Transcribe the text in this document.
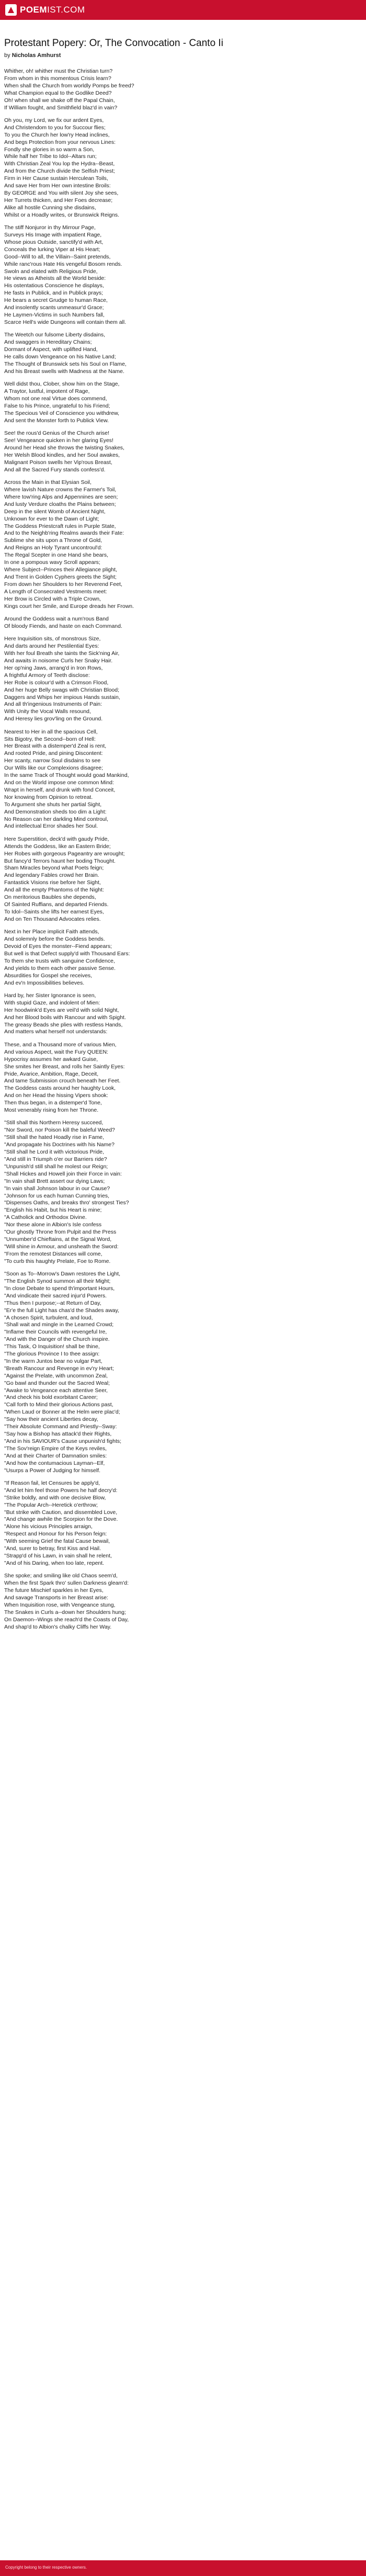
POEM IST.COM
Protestant Popery: Or, The Convocation - Canto Ii
by Nicholas Amhurst
Whither, oh! whither must the Christian turn?
From whom in this momentous Crisis learn?
When shall the Church from worldly Pomps be freed?
What Champion equal to the Godlike Deed?
Oh! when shall we shake off the Papal Chain,
If William fought, and Smithfield blaz'd in vain?
Oh you, my Lord, we fix our ardent Eyes,
And Christendom to you for Succour flies;
To you the Church her low'ry Head inclines,
And begs Protection from your nervous Lines:
Fondly she glories in so warm a Son,
While half her Tribe to Idol--Altars run;
With Christian Zeal You lop the Hydra--Beast,
And from the Church divide the Selfish Priest;
Firm in Her Cause sustain Herculean Toils,
And save Her from Her own intestine Broils:
By GEORGE and You with silent Joy she sees,
Her Turrets thicken, and Her Foes decrease;
Alike all hostile Cunning she disdains,
Whilst or a Hoadly writes, or Brunswick Reigns.
The stiff Nonjuror in thy Mirrour Page,
Surveys His Image with impatient Rage,
Whose pious Outside, sanctify'd with Art,
Conceals the lurking Viper at His Heart;
Good--Will to all, the Villain--Saint pretends,
While ranc'rous Hate His vengeful Bosom rends.
Swoln and elated with Religious Pride,
He views as Atheists all the World beside:
His ostentatious Conscience he displays,
He fasts in Publick, and in Publick prays;
He bears a secret Grudge to human Race,
And insolently scants unmeasur'd Grace;
He Laymen-Victims in such Numbers fall,
Scarce Hell's wide Dungeons will contain them all.
The Weetch our fulsome Liberty disdains,
And swaggers in Hereditary Chains;
Dormant of Aspect, with uplifted Hand,
He calls down Vengeance on his Native Land;
The Thought of Brunswick sets his Soul on Flame,
And his Breast swells with Madness at the Name.
Well didst thou, Clober, show him on the Stage,
A Traytor, lustful, impotent of Rage,
Whom not one real Virtue does commend,
False to his Prince, ungrateful to his Friend;
The Specious Veil of Conscience you withdrew,
And sent the Monster forth to Publick View.
See! the rous'd Genius of the Church arise!
See! Vengeance quicken in her glaring Eyes!
Around her Head she throws the twisting Snakes,
Her Welsh Blood kindles, and her Soul awakes,
Malignant Poison swells her Vip'rous Breast,
And all the Sacred Fury stands confess'd.
Across the Main in that Elysian Soil,
Where lavish Nature crowns the Farmer's Toil,
Where tow'ring Alps and Appennines are seen;
And lusty Verdure cloaths the Plains between;
Deep in the silent Womb of Ancient Night,
Unknown for ever to the Dawn of Light;
The Goddess Priestcraft rules in Purple State,
And to the Neighb'ring Realms awards their Fate:
Sublime she sits upon a Throne of Gold,
And Reigns an Holy Tyrant uncontroul'd:
The Regal Scepter in one Hand she bears,
In one a pompous wavy Scroll appears;
Where Subject--Princes their Allegiance plight,
And Trent in Golden Cyphers greets the Sight;
From down her Shoulders to her Reverend Feet,
A Length of Consecrated Vestments meet:
Her Brow is Circled with a Triple Crown,
Kings court her Smile, and Europe dreads her Frown.
Around the Goddess wait a num'rous Band
Of bloody Fiends, and haste on each Command.
Here Inquisition sits, of monstrous Size,
And darts around her Pestilential Eyes:
With her foul Breath she taints the Sick'ning Air,
And awaits in noisome Curls her Snaky Hair.
Her op'ning Jaws, arrang'd in Iron Rows,
A frightful Armory of Teeth disclose:
Her Robe is colour'd with a Crimson Flood,
And her huge Belly swags with Christian Blood;
Daggers and Whips her impious Hands sustain,
And all th'ingenious Instruments of Pain:
With Unity the Vocal Walls resound,
And Heresy lies grov'ling on the Ground.
Nearest to Her in all the spacious Cell,
Sits Bigotry, the Second--born of Hell:
Her Breast with a distemper'd Zeal is rent,
And rooted Pride, and pining Discontent:
Her scanty, narrow Soul disdains to see
Our Wills like our Complexions disagree;
In the same Track of Thought would goad Mankind,
And on the World impose one common Mind:
Wrapt in herself, and drunk with fond Conceit,
Nor knowing from Opinion to retreat.
To Argument she shuts her partial Sight,
And Demonstration sheds too dim a Light:
No Reason can her darkling Mind controul,
And intellectual Error shades her Soul.
Here Superstition, deck'd with gaudy Pride,
Attends the Goddess, like an Eastern Bride;
Her Robes with gorgeous Pageantry are wrought;
But fancy'd Terrors haunt her boding Thought.
Sham Miracles beyond what Poets feign;
And legendary Fables crowd her Brain.
Fantastick Visions rise before her Sight,
And all the empty Phantoms of the Night:
On meritorious Baubles she depends,
Of Sainted Ruffians, and departed Friends.
To Idol--Saints she lifts her earnest Eyes,
And on Ten Thousand Advocates relies.
Next in her Place implicit Faith attends,
And solemnly before the Goddess bends.
Devoid of Eyes the monster--Fiend appears;
But well is that Defect supply'd with Thousand Ears:
To them she trusts with sanguine Confidence,
And yields to them each other passive Sense.
Absurdities for Gospel she receives,
And ev'n Impossibilities believes.
Hard by, her Sister Ignorance is seen,
With stupid Gaze, and indolent of Mien:
Her hoodwink'd Eyes are veil'd with solid Night,
And her Blood boils with Rancour and with Spight.
The greasy Beads she plies with restless Hands,
And matters what herself not understands:
These, and a Thousand more of various Mien,
And various Aspect, wait the Fury QUEEN:
Hypocrisy assumes her awkard Guise,
She smites her Breast, and rolls her Saintly Eyes:
Pride, Avarice, Ambition, Rage, Deceit,
And tame Submission crouch beneath her Feet.
The Goddess casts around her haughty Look,
And on her Head the hissing Vipers shook:
Then thus began, in a distemper'd Tone,
Most venerably rising from her Throne.
"Still shall this Northern Heresy succeed,
"Nor Sword, nor Poison kill the baleful Weed?
"Still shall the hated Hoadly rise in Fame,
"And propagate his Doctrines with his Name?
"Still shall he Lord it with victorious Pride,
"And still in Triumph o'er our Barriers ride?
"Unpunish'd still shall he molest our Reign;
"Shall Hickes and Howell join their Force in vain:
"In vain shall Brett assert our dying Laws;
"In vain shall Johnson labour in our Cause?
"Johnson for us each human Cunning tries,
"Dispenses Oaths, and breaks thro' strongest Ties?
"English his Habit, but his Heart is mine;
"A Catholick and Orthodox Divine.
"Nor these alone in Albion's Isle confess
"Our ghostly Throne from Pulpit and the Press
"Unnumber'd Chieftains, at the Signal Word,
"Will shine in Armour, and unsheath the Sword:
"From the remotest Distances will come,
"To curb this haughty Prelate, Foe to Rome.
"Soon as To--Morrow's Dawn restores the Light,
"The English Synod summon all their Might;
"In close Debate to spend th'important Hours,
"And vindicate their sacred injur'd Powers.
"Thus then I purpose;--at Return of Day,
"Er'e the full Light has chas'd the Shades away,
"A chosen Spirit, turbulent, and loud,
"Shall wait and mingle in the Learned Crowd;
"Inflame their Councils with revengeful Ire,
"And with the Danger of the Church inspire.
"This Task, O Inquisition! shall be thine,
"The glorious Province I to thee assign:
"In the warm Juntos bear no vulgar Part,
"Breath Rancour and Revenge in ev'ry Heart;
"Against the Prelate, with uncommon Zeal,
"Go bawl and thunder out the Sacred Weal;
"Awake to Vengeance each attentive Seer,
"And check his bold exorbitant Career;
"Call forth to Mind their glorious Actions past,
"When Laud or Bonner at the Helm were plac'd;
"Say how their ancient Liberties decay,
"Their Absolute Command and Priestly--Sway:
"Say how a Bishop has attack'd their Rights,
"And in his SAVIOUR's Cause unpunish'd fights;
"The Sov'reign Empire of the Keys reviles,
"And at their Charter of Damnation smiles:
"And how the contumacious Layman--Elf,
"Usurps a Power of Judging for himself.
"If Reason fail, let Censures be apply'd,
"And let him feel those Powers he half decry'd:
"Strike boldly, and with one decisive Blow,
"The Popular Arch--Heretick o'erthrow;
"But strike with Caution, and dissembled Love,
"And change awhile the Scorpion for the Dove.
"Alone his vicious Principles arraign,
"Respect and Honour for his Person feign:
"With seeming Grief the fatal Cause bewail,
"And, surer to betray, first Kiss and Hail.
"Strapp'd of his Lawn, in vain shall he relent,
"And of his Daring, when too late, repent.
She spoke; and smiling like old Chaos seem'd,
When the first Spark thro' sullen Darkness gleam'd:
The future Mischief sparkles in her Eyes,
And savage Transports in her Breast arise:
When Inquisition rose, with Vengeance stung,
The Snakes in Curls a--down her Shoulders hung;
On Daemon--Wings she reach'd the Coasts of Day,
And shap'd to Albion's chalky Cliffs her Way.
Copyright belong to their respective owners.
